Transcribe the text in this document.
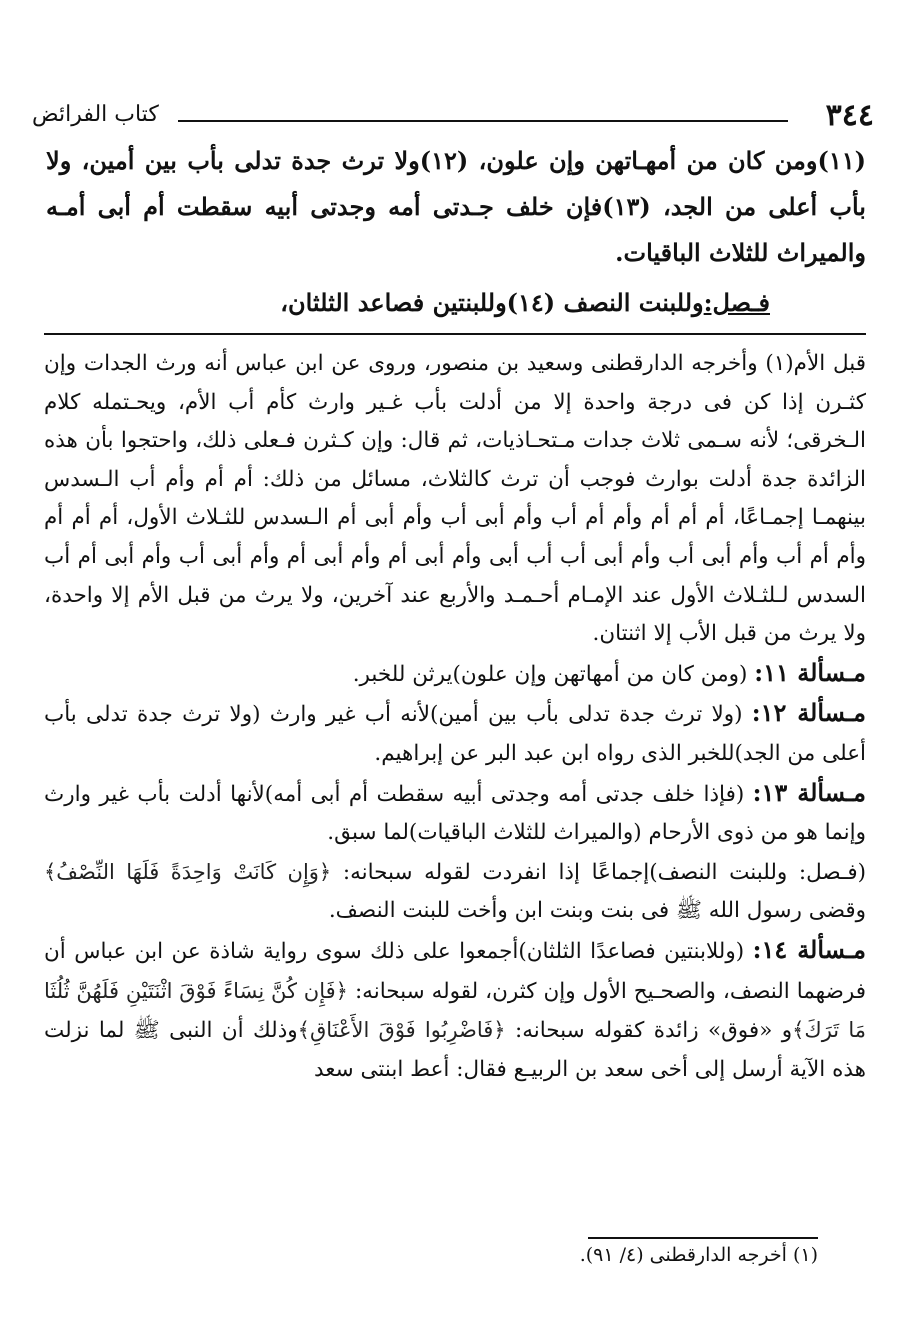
٣٤٤
كتاب الفرائض
(١١)ومن كان من أمهـاتهن وإن علون، (١٢)ولا ترث جدة تدلى بأب بين أمين، ولا بأب أعلى من الجد، (١٣)فإن خلف جـدتى أمه وجدتى أبيه سقطت أم أبى أمـه والميراث للثلاث الباقيات.
فـصل:وللبنت النصف (١٤)وللبنتين فصاعد الثلثان،

قبل الأم(١) وأخرجه الدارقطنى وسعيد بن منصور، وروى عن ابن عباس أنه ورث الجدات وإن كثـرن إذا كن فى درجة واحدة إلا من أدلت بأب غـير وارث كأم أب الأم، ويحـتمله كلام الـخرقى؛ لأنه سـمى ثلاث جدات مـتحـاذيات، ثم قال: وإن كـثرن فـعلى ذلك، واحتجوا بأن هذه الزائدة جدة أدلت بوارث فوجب أن ترث كالثلاث، مسائل من ذلك: أم أم وأم أب الـسدس بينهمـا إجمـاعًا، أم أم أم وأم أم أب وأم أبى أب وأم أبى أم الـسدس للثـلاث الأول، أم أم أم وأم أم أب وأم أبى أب وأم أبى أب أب أبى وأم أبى أم وأم أبى أم وأم أبى أب وأم أبى أم أب السدس لـلثـلاث الأول عند الإمـام أحـمـد والأربع عند آخرين، ولا يرث من قبل الأم إلا واحدة، ولا يرث من قبل الأب إلا اثنتان.

مـسألة ١١: (ومن كان من أمهاتهن وإن علون)يرثن للخبر.

مـسألة ١٢: (ولا ترث جدة تدلى بأب بين أمين)لأنه أب غير وارث (ولا ترث جدة تدلى بأب أعلى من الجد)للخبر الذى رواه ابن عبد البر عن إبراهيم.

مـسألة ١٣: (فإذا خلف جدتى أمه وجدتى أبيه سقطت أم أبى أمه)لأنها أدلت بأب غير وارث وإنما هو من ذوى الأرحام (والميراث للثلاث الباقيات)لما سبق.

(فـصل: وللبنت النصف)إجماعًا إذا انفردت لقوله سبحانه: ﴿وَإِن كَانَتْ وَاحِدَةً فَلَهَا النِّصْفُ﴾وقضى رسول الله ﷺ فى بنت وبنت ابن وأخت للبنت النصف.

مـسألة ١٤: (وللابنتين فصاعدًا الثلثان)أجمعوا على ذلك سوى رواية شاذة عن ابن عباس أن فرضهما النصف، والصحـيح الأول وإن كثرن، لقوله سبحانه: ﴿فَإِن كُنَّ نِسَاءً فَوْقَ اثْنَتَيْنِ فَلَهُنَّ ثُلُثَا مَا تَرَكَ﴾و «فوق» زائدة كقوله سبحانه: ﴿فَاضْرِبُوا فَوْقَ الأَعْنَاقِ﴾وذلك أن النبى ﷺ لما نزلت هذه الآية أرسل إلى أخى سعد بن الربيـع فقال: أعط ابنتى سعد

(١) أخرجه الدارقطنى (٤/ ٩١).
